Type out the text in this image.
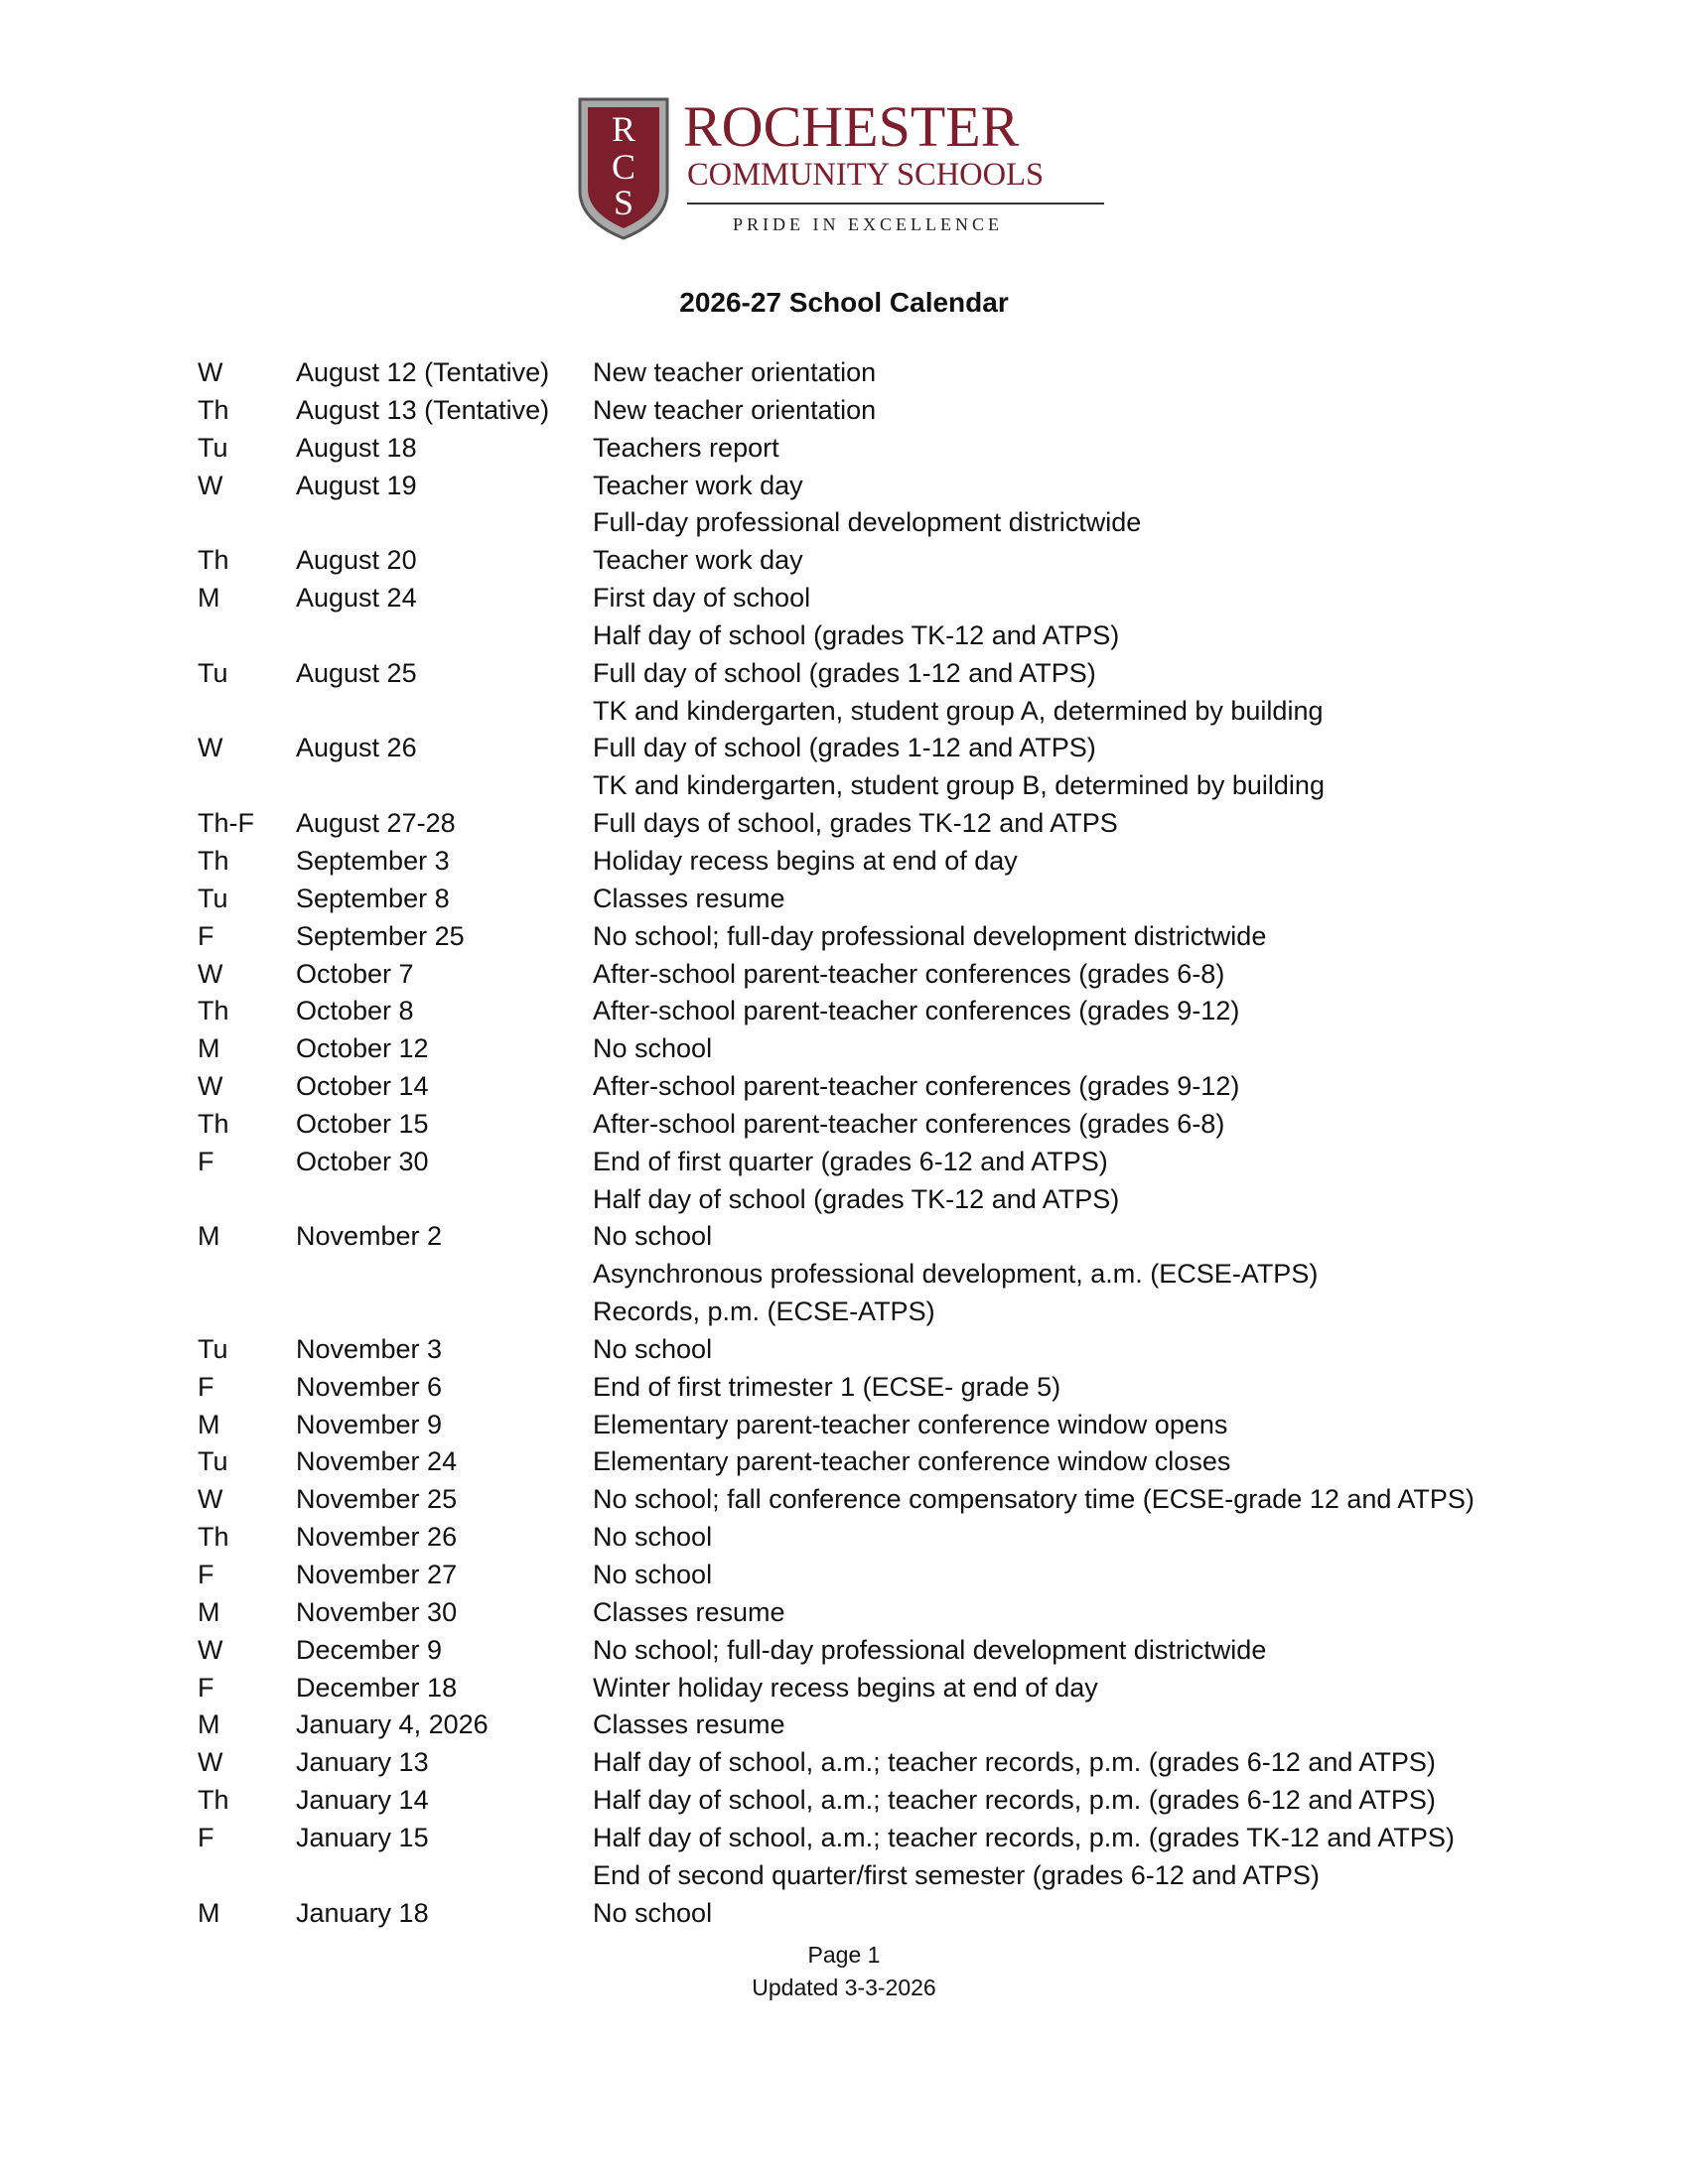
R
C
S
ROCHESTER
COMMUNITY SCHOOLS
PRIDE IN EXCELLENCE
2026-27 School Calendar
W	August 12 (Tentative) New teacher orientation
Th August 13 (Tentative) New teacher orientation
Tu	August 18	Teachers report
W	August 19	Teacher work day
Full-day professional development districtwide
Th August 20	Teacher work day
M	August 24	First day of school
Half day of school (grades TK-12 and ATPS)
Tu	August 25	Full day of school (grades 1-12 and ATPS)
TK and kindergarten, student group A, determined by building
W	August 26	Full day of school (grades 1-12 and ATPS)
TK and kindergarten, student group B, determined by building
Th-F August 27-28	Full days of school, grades TK-12 and ATPS
Th September 3	Holiday recess begins at end of day
Tu	September 8	Classes resume
F	September 25	No school; full-day professional development districtwide
W	October 7	After-school parent-teacher conferences (grades 6-8)
Th October 8	After-school parent-teacher conferences (grades 9-12)
M	October 12	No school
W	October 14	After-school parent-teacher conferences (grades 9-12)
Th October 15	After-school parent-teacher conferences (grades 6-8)
F	October 30	End of first quarter (grades 6-12 and ATPS)
Half day of school (grades TK-12 and ATPS)
M	November 2	No school
Asynchronous professional development, a.m. (ECSE-ATPS)
Records, p.m. (ECSE-ATPS)
Tu	November 3	No school
F	November 6	End of first trimester 1 (ECSE- grade 5)
M	November 9	Elementary parent-teacher conference window opens
Tu	November 24	Elementary parent-teacher conference window closes
W	November 25	No school; fall conference compensatory time (ECSE-grade 12 and ATPS)
Th November 26	No school
F	November 27	No school
M	November 30	Classes resume
W	December 9	No school; full-day professional development districtwide
F	December 18	Winter holiday recess begins at end of day
M	January 4, 2026	Classes resume
W	January 13	Half day of school, a.m.; teacher records, p.m. (grades 6-12 and ATPS)
Th January 14	Half day of school, a.m.; teacher records, p.m. (grades 6-12 and ATPS)
F	January 15	Half day of school, a.m.; teacher records, p.m. (grades TK-12 and ATPS)
End of second quarter/first semester (grades 6-12 and ATPS)
M	January 18	No school
Page 1
Updated 3-3-2026
